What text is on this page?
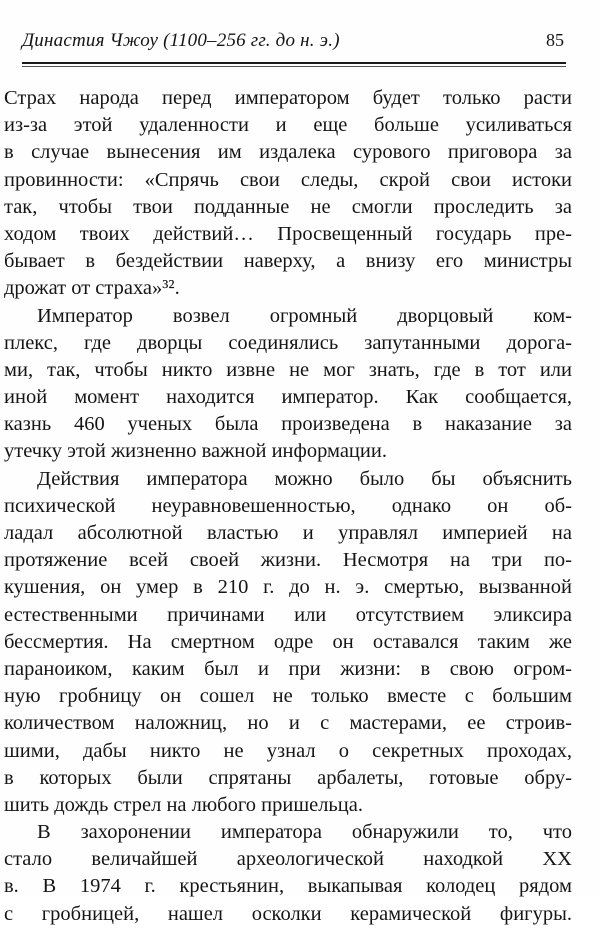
Династия Чжоу (1100–256 гг. до н. э.)	85
Страх народа перед императором будет только расти
из-за этой удаленности и еще больше усиливаться
в случае вынесения им издалека сурового приговора за
провинности: «Спрячь свои следы, скрой свои истоки
так, чтобы твои подданные не смогли проследить за
ходом твоих действий… Просвещенный государь пре-
бывает в бездействии наверху, а внизу его министры
дрожат от страха»³².
Император возвел огромный дворцовый ком-
плекс, где дворцы соединялись запутанными дорога-
ми, так, чтобы никто извне не мог знать, где в тот или
иной момент находится император. Как сообщается,
казнь 460 ученых была произведена в наказание за
утечку этой жизненно важной информации.
Действия императора можно было бы объяснить
психической неуравновешенностью, однако он об-
ладал абсолютной властью и управлял империей на
протяжение всей своей жизни. Несмотря на три по-
кушения, он умер в 210 г. до н. э. смертью, вызванной
естественными причинами или отсутствием эликсира
бессмертия. На смертном одре он оставался таким же
параноиком, каким был и при жизни: в свою огром-
ную гробницу он сошел не только вместе с большим
количеством наложниц, но и с мастерами, ее строив-
шими, дабы никто не узнал о секретных проходах,
в которых были спрятаны арбалеты, готовые обру-
шить дождь стрел на любого пришельца.
В захоронении императора обнаружили то, что
стало величайшей археологической находкой XX
в. В 1974 г. крестьянин, выкапывая колодец рядом
с гробницей, нашел осколки керамической фигуры.
